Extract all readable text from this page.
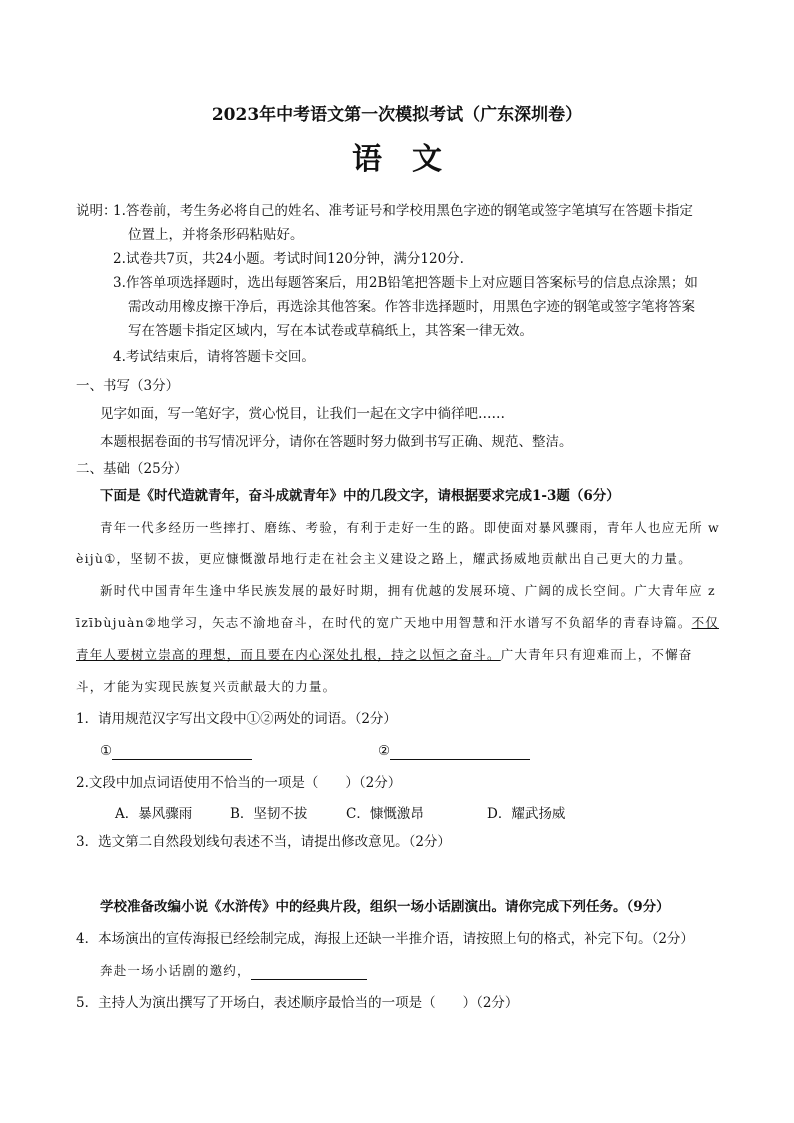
2023年中考语文第一次模拟考试（广东深圳卷）
语文
说明：
1.答卷前，考生务必将自己的姓名、准考证号和学校用黑色字迹的钢笔或签字笔填写在答题卡指定
位置上，并将条形码粘贴好。
2.试卷共7页，共24小题。考试时间120分钟，满分120分.
3.作答单项选择题时，选出每题答案后，用2B铅笔把答题卡上对应题目答案标号的信息点涂黑；如
需改动用橡皮擦干净后，再选涂其他答案。作答非选择题时，用黑色字迹的钢笔或签字笔将答案
写在答题卡指定区域内，写在本试卷或草稿纸上，其答案一律无效。
4.考试结束后，请将答题卡交回。
一、书写（3分）
见字如面，写一笔好字，赏心悦目，让我们一起在文字中徜徉吧……
本题根据卷面的书写情况评分，请你在答题时努力做到书写正确、规范、整洁。
二、基础（25分）
下面是《时代造就青年，奋斗成就青年》中的几段文字，请根据要求完成1-3题（6分）
青年一代多经历一些摔打、磨练、考验，有利于走好一生的路。即使面对暴风骤雨，青年人也应无所 w
èijù①，坚韧不拔，更应慷慨激昂地行走在社会主义建设之路上，耀武扬威地贡献出自己更大的力量。
新时代中国青年生逢中华民族发展的最好时期，拥有优越的发展环境、广阔的成长空间。广大青年应 z
īzībùjuàn②地学习，矢志不渝地奋斗，在时代的宽广天地中用智慧和汗水谱写不负韶华的青春诗篇。不仅
青年人要树立崇高的理想，而且要在内心深处扎根，持之以恒之奋斗。广大青年只有迎难而上，不懈奋
斗，才能为实现民族复兴贡献最大的力量。
1．请用规范汉字写出文段中①②两处的词语。（2分）
①	②
2.文段中加点词语使用不恰当的一项是（　　）（2分）
A．暴风骤雨	B．坚韧不拔	C．慷慨激昂	D．耀武扬威
3．选文第二自然段划线句表述不当，请提出修改意见。（2分）
学校准备改编小说《水浒传》中的经典片段，组织一场小话剧演出。请你完成下列任务。（9分）
4．本场演出的宣传海报已经绘制完成，海报上还缺一半推介语，请按照上句的格式，补完下句。（2分）
奔赴一场小话剧的邀约，
5．主持人为演出撰写了开场白，表述顺序最恰当的一项是（　　）（2分）
